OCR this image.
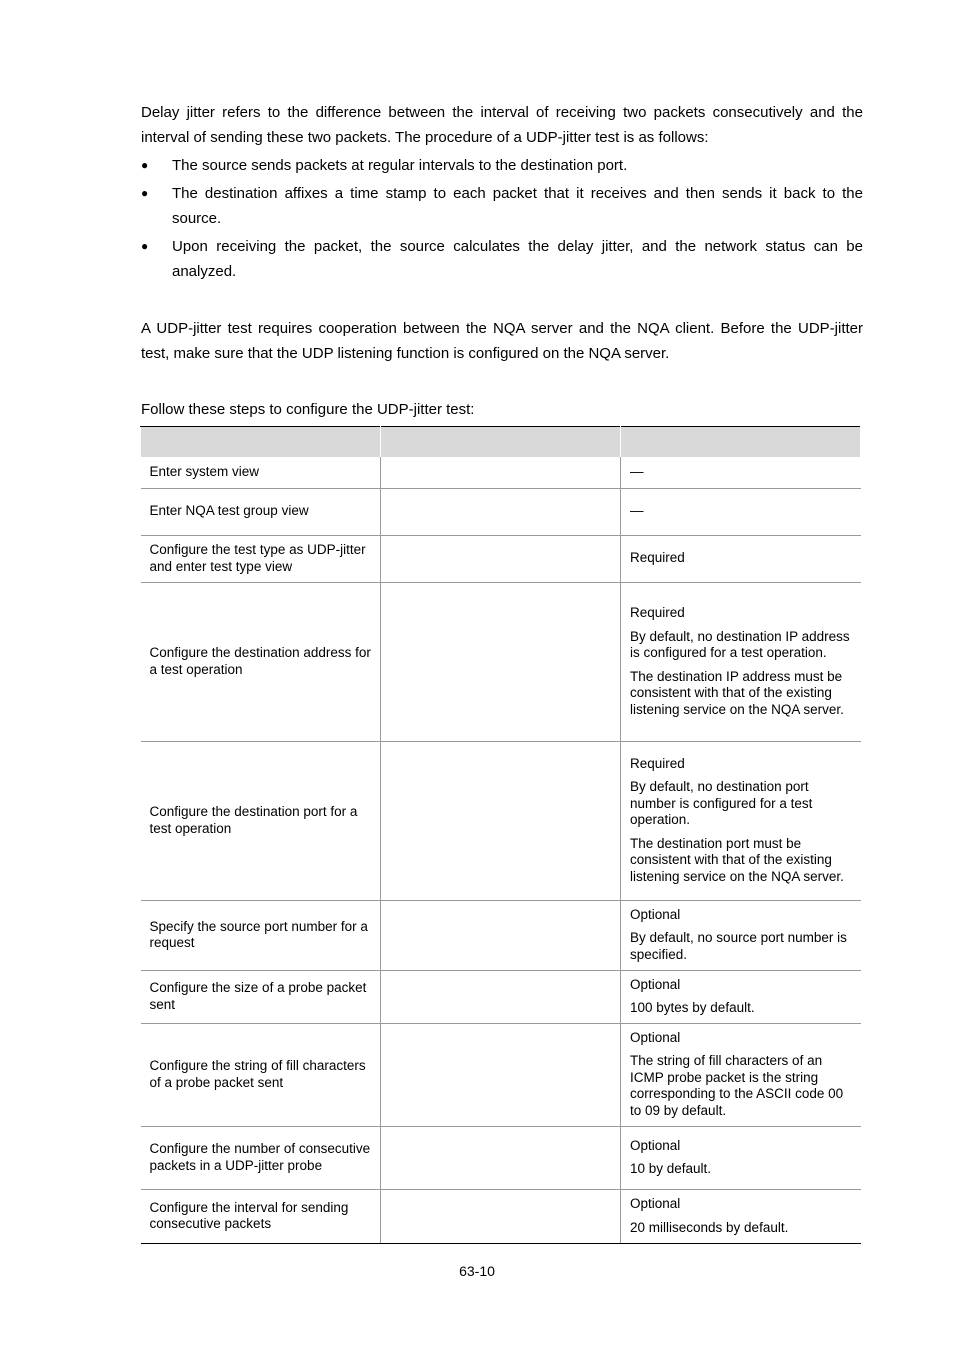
Delay jitter refers to the difference between the interval of receiving two packets consecutively and the interval of sending these two packets. The procedure of a UDP-jitter test is as follows:

●	The source sends packets at regular intervals to the destination port.
●	The destination affixes a time stamp to each packet that it receives and then sends it back to the source.
●	Upon receiving the packet, the source calculates the delay jitter, and the network status can be analyzed.

A UDP-jitter test requires cooperation between the NQA server and the NQA client. Before the UDP-jitter test, make sure that the UDP listening function is configured on the NQA server.

Follow these steps to configure the UDP-jitter test:

Enter system view		—

Enter NQA test group view		—

Configure the test type as UDP-jitter and enter test type view		Required

Configure the destination address for a test operation		Required

By default, no destination IP address is configured for a test operation.

The destination IP address must be consistent with that of the existing listening service on the NQA server.

Configure the destination port for a test operation		Required

By default, no destination port number is configured for a test operation.

The destination port must be consistent with that of the existing listening service on the NQA server.

Specify the source port number for a request		Optional

By default, no source port number is specified.

Configure the size of a probe packet sent		Optional

100 bytes by default.

Configure the string of fill characters of a probe packet sent		Optional

The string of fill characters of an ICMP probe packet is the string corresponding to the ASCII code 00 to 09 by default.

Configure the number of consecutive packets in a UDP-jitter probe		Optional

10 by default.

Configure the interval for sending consecutive packets		Optional

20 milliseconds by default.

63-10
